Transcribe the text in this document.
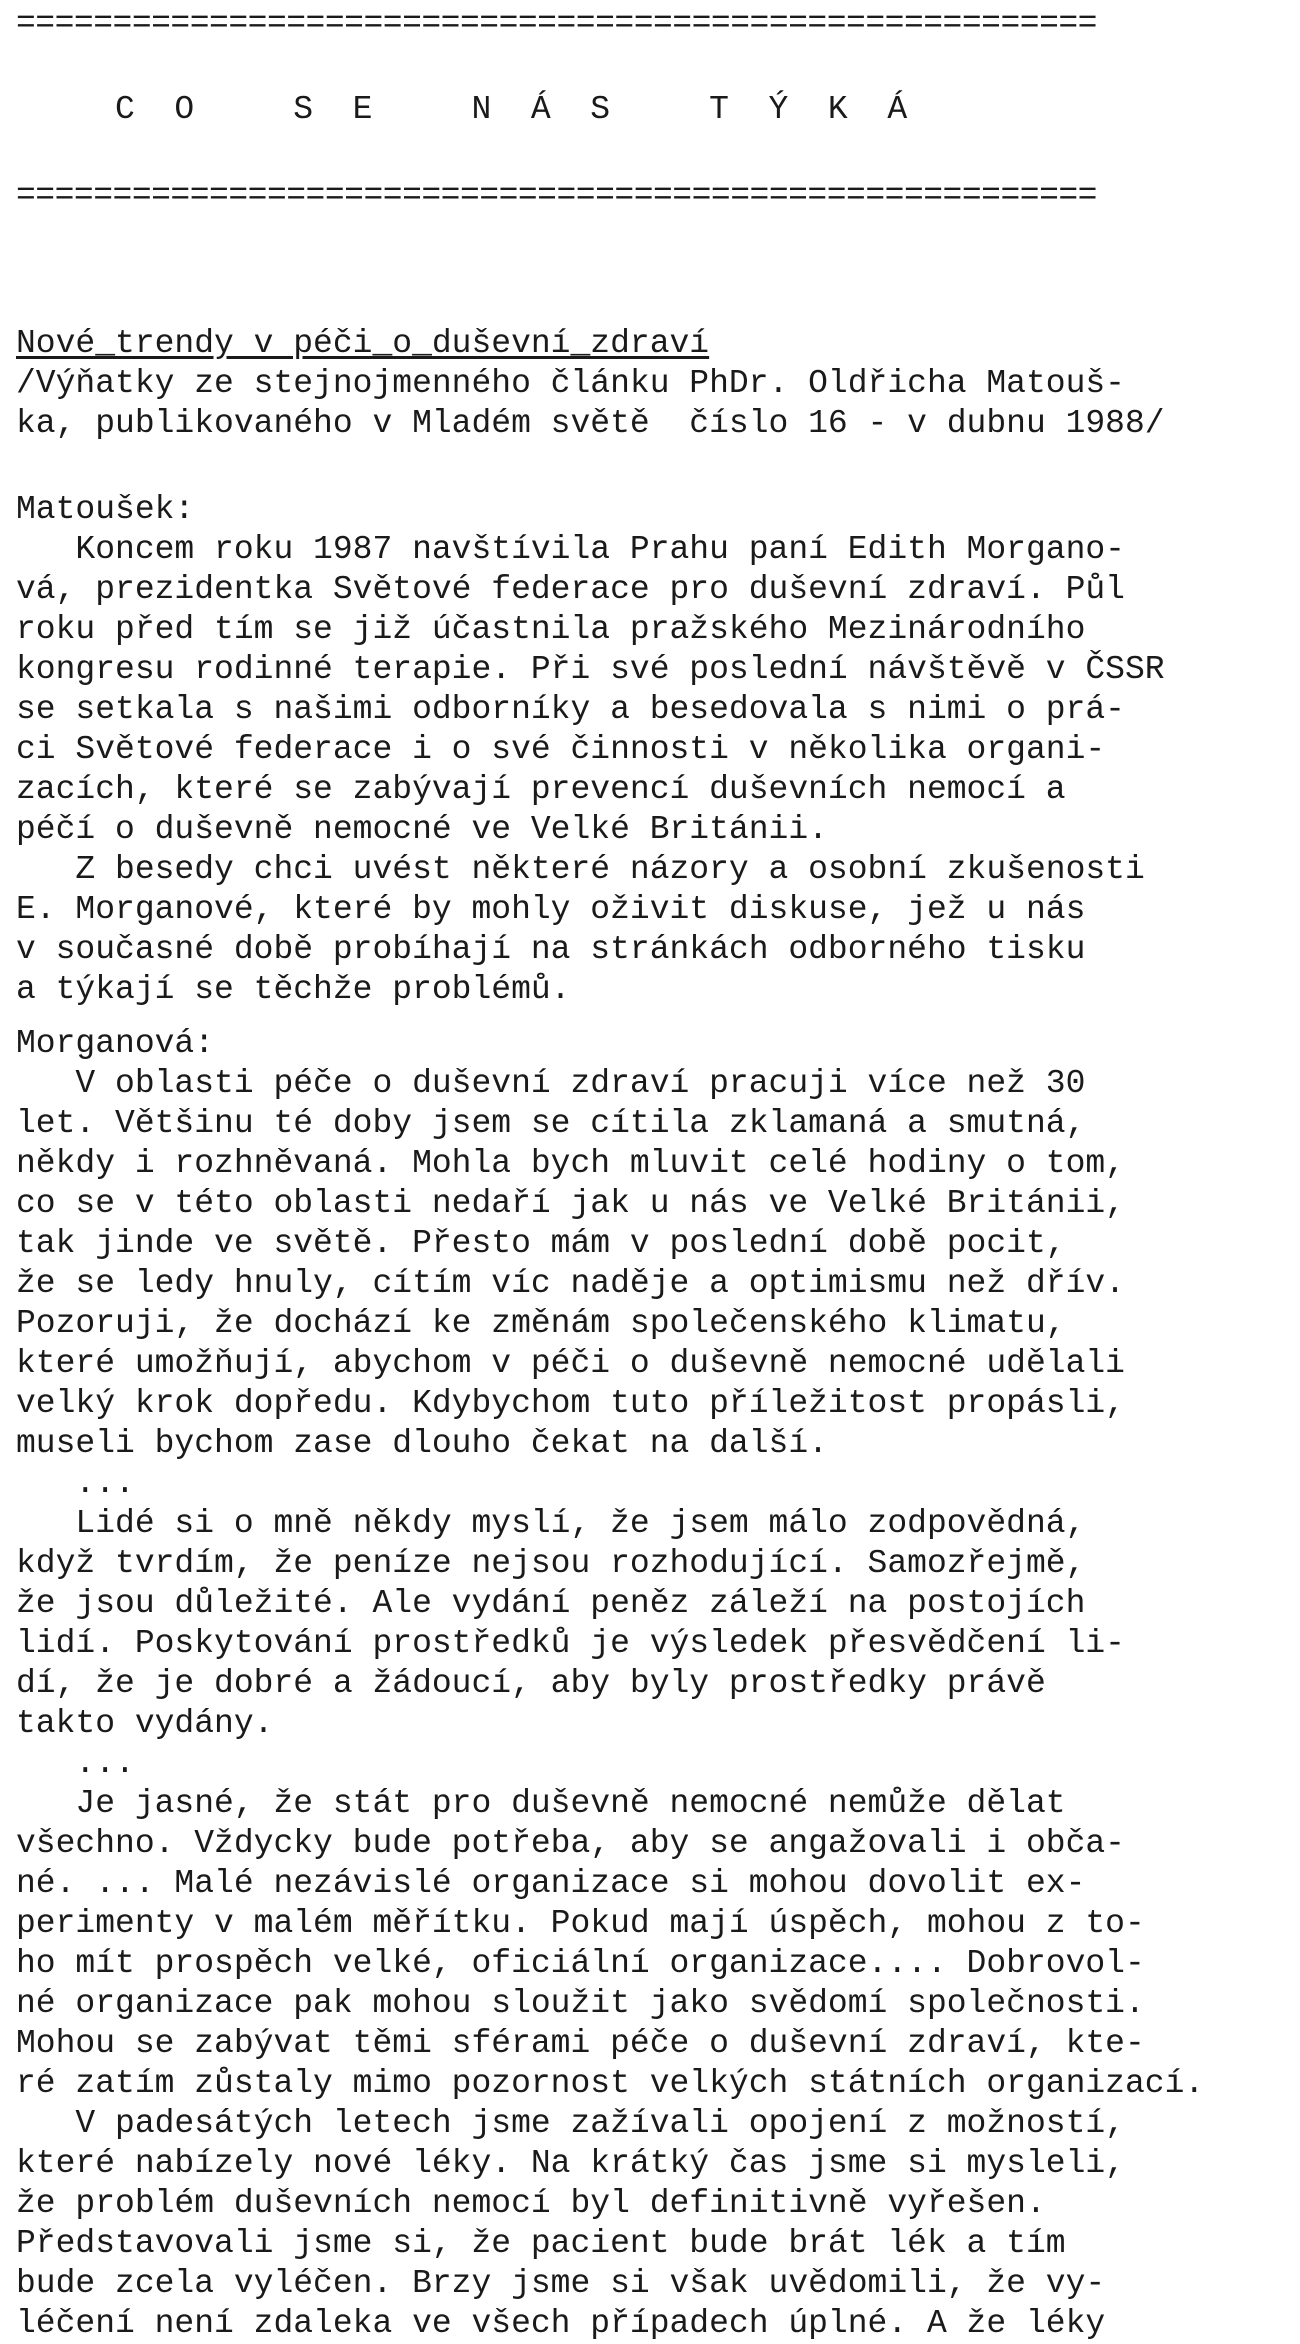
========================================================
C  O     S  E     N  Á  S     T  Ý  K  Á
========================================================
Nové_trendy v péči_o_duševní_zdraví
/Výňatky ze stejnojmenného článku PhDr. Oldřicha Matouš-
ka, publikovaného v Mladém světě  číslo 16 - v dubnu 1988/
Matoušek:
Koncem roku 1987 navštívila Prahu paní Edith Morgano-
vá, prezidentka Světové federace pro duševní zdraví. Půl
roku před tím se již účastnila pražského Mezinárodního
kongresu rodinné terapie. Při své poslední návštěvě v ČSSR
se setkala s našimi odborníky a besedovala s nimi o prá-
ci Světové federace i o své činnosti v několika organi-
zacích, které se zabývají prevencí duševních nemocí a
péčí o duševně nemocné ve Velké Británii.
Z besedy chci uvést některé názory a osobní zkušenosti
E. Morganové, které by mohly oživit diskuse, jež u nás
v současné době probíhají na stránkách odborného tisku
a týkají se těchže problémů.
Morganová:
V oblasti péče o duševní zdraví pracuji více než 30
let. Většinu té doby jsem se cítila zklamaná a smutná,
někdy i rozhněvaná. Mohla bych mluvit celé hodiny o tom,
co se v této oblasti nedaří jak u nás ve Velké Británii,
tak jinde ve světě. Přesto mám v poslední době pocit,
že se ledy hnuly, cítím víc naděje a optimismu než dřív.
Pozoruji, že dochází ke změnám společenského klimatu,
které umožňují, abychom v péči o duševně nemocné udělali
velký krok dopředu. Kdybychom tuto příležitost propásli,
museli bychom zase dlouho čekat na další.
...
Lidé si o mně někdy myslí, že jsem málo zodpovědná,
když tvrdím, že peníze nejsou rozhodující. Samozřejmě,
že jsou důležité. Ale vydání peněz záleží na postojích
lidí. Poskytování prostředků je výsledek přesvědčení li-
dí, že je dobré a žádoucí, aby byly prostředky právě
takto vydány.
...
Je jasné, že stát pro duševně nemocné nemůže dělat
všechno. Vždycky bude potřeba, aby se angažovali i obča-
né. ... Malé nezávislé organizace si mohou dovolit ex-
perimenty v malém měřítku. Pokud mají úspěch, mohou z to-
ho mít prospěch velké, oficiální organizace.... Dobrovol-
né organizace pak mohou sloužit jako svědomí společnosti.
Mohou se zabývat těmi sférami péče o duševní zdraví, kte-
ré zatím zůstaly mimo pozornost velkých státních organizací.
V padesátých letech jsme zažívali opojení z možností,
které nabízely nové léky. Na krátký čas jsme si mysleli,
že problém duševních nemocí byl definitivně vyřešen.
Představovali jsme si, že pacient bude brát lék a tím
bude zcela vyléčen. Brzy jsme si však uvědomili, že vy-
léčení není zdaleka ve všech případech úplné. A že léky
